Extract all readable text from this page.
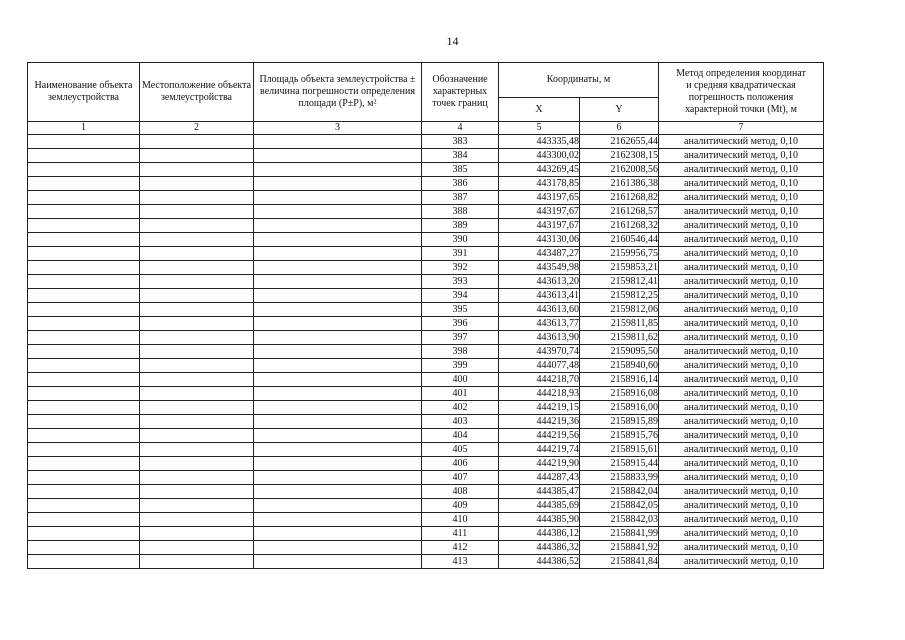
14
Наименование объекта землеустройства	Местоположение объекта землеустройства	Площадь объекта землеустройства ± величина погрешности определения площади (P±P), м²	Обозначение характерных точек границ	Координаты, м		Метод определения координат
и средняя квадратическая
погрешность положения
характерной точки (Mt), м
				X	Y	
1	2	3	4	5	6	7
			383	443335,48	2162655,44	аналитический метод, 0,10
			384	443300,02	2162308,15	аналитический метод, 0,10
			385	443269,45	2162008,56	аналитический метод, 0,10
			386	443178,85	2161386,38	аналитический метод, 0,10
			387	443197,65	2161268,82	аналитический метод, 0,10
			388	443197,67	2161268,57	аналитический метод, 0,10
			389	443197,67	2161268,32	аналитический метод, 0,10
			390	443130,06	2160546,44	аналитический метод, 0,10
			391	443487,27	2159956,75	аналитический метод, 0,10
			392	443549,98	2159853,21	аналитический метод, 0,10
			393	443613,20	2159812,41	аналитический метод, 0,10
			394	443613,41	2159812,25	аналитический метод, 0,10
			395	443613,60	2159812,06	аналитический метод, 0,10
			396	443613,77	2159811,85	аналитический метод, 0,10
			397	443613,90	2159811,62	аналитический метод, 0,10
			398	443970,74	2159095,50	аналитический метод, 0,10
			399	444077,48	2158940,60	аналитический метод, 0,10
			400	444218,70	2158916,14	аналитический метод, 0,10
			401	444218,93	2158916,08	аналитический метод, 0,10
			402	444219,15	2158916,00	аналитический метод, 0,10
			403	444219,36	2158915,89	аналитический метод, 0,10
			404	444219,56	2158915,76	аналитический метод, 0,10
			405	444219,74	2158915,61	аналитический метод, 0,10
			406	444219,90	2158915,44	аналитический метод, 0,10
			407	444287,43	2158833,99	аналитический метод, 0,10
			408	444385,47	2158842,04	аналитический метод, 0,10
			409	444385,69	2158842,05	аналитический метод, 0,10
			410	444385,90	2158842,03	аналитический метод, 0,10
			411	444386,12	2158841,99	аналитический метод, 0,10
			412	444386,32	2158841,92	аналитический метод, 0,10
			413	444386,52	2158841,84	аналитический метод, 0,10
